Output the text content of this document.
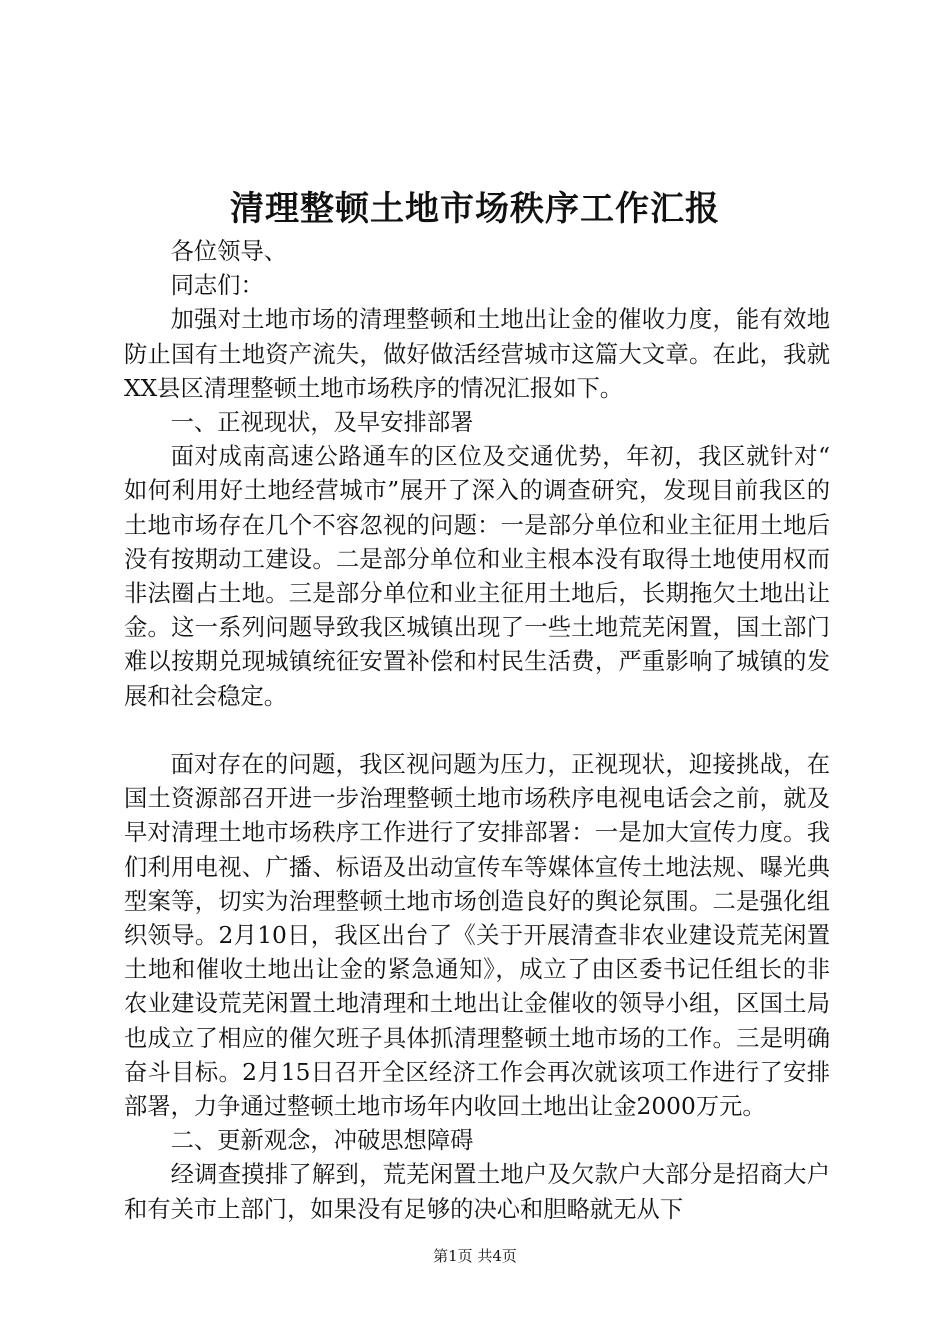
清理整顿土地市场秩序工作汇报

各位领导、

同志们：

加强对土地市场的清理整顿和土地出让金的催收力度，能有效地防止国有土地资产流失，做好做活经营城市这篇大文章。在此，我就XX县区清理整顿土地市场秩序的情况汇报如下。

一、正视现状，及早安排部署

面对成南高速公路通车的区位及交通优势，年初，我区就针对“如何利用好土地经营城市”展开了深入的调查研究，发现目前我区的土地市场存在几个不容忽视的问题：一是部分单位和业主征用土地后没有按期动工建设。二是部分单位和业主根本没有取得土地使用权而非法圈占土地。三是部分单位和业主征用土地后，长期拖欠土地出让金。这一系列问题导致我区城镇出现了一些土地荒芜闲置，国土部门难以按期兑现城镇统征安置补偿和村民生活费，严重影响了城镇的发展和社会稳定。

面对存在的问题，我区视问题为压力，正视现状，迎接挑战，在国土资源部召开进一步治理整顿土地市场秩序电视电话会之前，就及早对清理土地市场秩序工作进行了安排部署：一是加大宣传力度。我们利用电视、广播、标语及出动宣传车等媒体宣传土地法规、曝光典型案等，切实为治理整顿土地市场创造良好的舆论氛围。二是强化组织领导。2月10日，我区出台了《关于开展清查非农业建设荒芜闲置土地和催收土地出让金的紧急通知》，成立了由区委书记任组长的非农业建设荒芜闲置土地清理和土地出让金催收的领导小组，区国土局也成立了相应的催欠班子具体抓清理整顿土地市场的工作。三是明确奋斗目标。2月15日召开全区经济工作会再次就该项工作进行了安排部署，力争通过整顿土地市场年内收回土地出让金2000万元。

二、更新观念，冲破思想障碍

经调查摸排了解到，荒芜闲置土地户及欠款户大部分是招商大户和有关市上部门，如果没有足够的决心和胆略就无从下

第1页 共4页
